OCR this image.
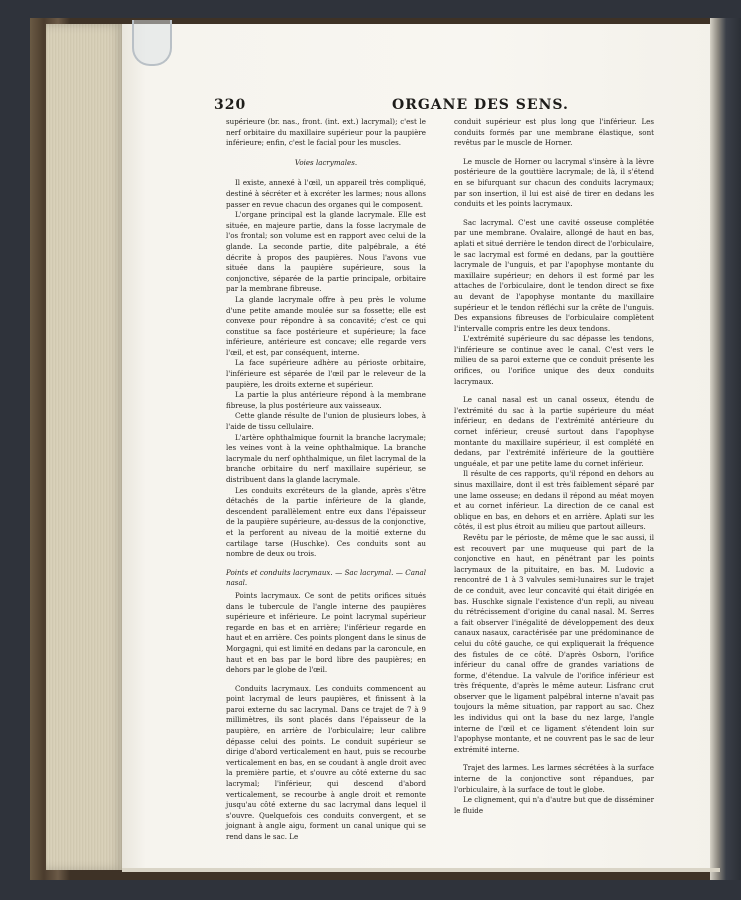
320	ORGANE DES SENS.

supérieure (br. nas., front. (int. ext.) lacrymal); c'est le nerf orbitaire du maxillaire supérieur pour la paupière inférieure; enfin, c'est le facial pour les muscles.

Voies lacrymales.

Il existe, annexé à l'œil, un appareil très compliqué, destiné à sécréter et à excréter les larmes; nous allons passer en revue chacun des organes qui le composent.

L'organe principal est la glande lacrymale. Elle est située, en majeure partie, dans la fosse lacrymale de l'os frontal; son volume est en rapport avec celui de la glande. La seconde partie, dite palpébrale, a été décrite à propos des paupières. Nous l'avons vue située dans la paupière supérieure, sous la conjonctive, séparée de la partie principale, orbitaire par la membrane fibreuse.

La glande lacrymale offre à peu près le volume d'une petite amande moulée sur sa fossette; elle est convexe pour répondre à sa concavité; c'est ce qui constitue sa face postérieure et supérieure; la face inférieure, antérieure est concave; elle regarde vers l'œil, et est, par conséquent, interne.

La face supérieure adhère au périoste orbitaire, l'inférieure est séparée de l'œil par le releveur de la paupière, les droits externe et supérieur.

La partie la plus antérieure répond à la membrane fibreuse, la plus postérieure aux vaisseaux.

Cette glande résulte de l'union de plusieurs lobes, à l'aide de tissu cellulaire.

L'artère ophthalmique fournit la branche lacrymale; les veines vont à la veine ophthalmique. La branche lacrymale du nerf ophthalmique, un filet lacrymal de la branche orbitaire du nerf maxillaire supérieur, se distribuent dans la glande lacrymale.

Les conduits excréteurs de la glande, après s'être détachés de la partie inférieure de la glande, descendent parallèlement entre eux dans l'épaisseur de la paupière supérieure, au-dessus de la conjonctive, et la perforent au niveau de la moitié externe du cartilage tarse (Huschke). Ces conduits sont au nombre de deux ou trois.

Points et conduits lacrymaux. — Sac lacrymal. — Canal nasal.

Points lacrymaux. Ce sont de petits orifices situés dans le tubercule de l'angle interne des paupières supérieure et inférieure. Le point lacrymal supérieur regarde en bas et en arrière; l'inférieur regarde en haut et en arrière. Ces points plongent dans le sinus de Morgagni, qui est limité en dedans par la caroncule, en haut et en bas par le bord libre des paupières; en dehors par le globe de l'œil.

Conduits lacrymaux. Les conduits commencent au point lacrymal de leurs paupières, et finissent à la paroi externe du sac lacrymal. Dans ce trajet de 7 à 9 millimètres, ils sont placés dans l'épaisseur de la paupière, en arrière de l'orbiculaire; leur calibre dépasse celui des points. Le conduit supérieur se dirige d'abord verticalement en haut, puis se recourbe verticalement en bas, en se coudant à angle droit avec la première partie, et s'ouvre au côté externe du sac lacrymal; l'inférieur, qui descend d'abord verticalement, se recourbe à angle droit et remonte jusqu'au côté externe du sac lacrymal dans lequel il s'ouvre. Quelquefois ces conduits convergent, et se joignant à angle aigu, forment un canal unique qui se rend dans le sac. Le

conduit supérieur est plus long que l'inférieur. Les conduits formés par une membrane élastique, sont revêtus par le muscle de Horner.

Le muscle de Horner ou lacrymal s'insère à la lèvre postérieure de la gouttière lacrymale; de là, il s'étend en se bifurquant sur chacun des conduits lacrymaux; par son insertion, il lui est aisé de tirer en dedans les conduits et les points lacrymaux.

Sac lacrymal. C'est une cavité osseuse complétée par une membrane. Ovalaire, allongé de haut en bas, aplati et situé derrière le tendon direct de l'orbiculaire, le sac lacrymal est formé en dedans, par la gouttière lacrymale de l'unguis, et par l'apophyse montante du maxillaire supérieur; en dehors il est formé par les attaches de l'orbiculaire, dont le tendon direct se fixe au devant de l'apophyse montante du maxillaire supérieur et le tendon réfléchi sur la crête de l'unguis. Des expansions fibreuses de l'orbiculaire complètent l'intervalle compris entre les deux tendons.

L'extrémité supérieure du sac dépasse les tendons, l'inférieure se continue avec le canal. C'est vers le milieu de sa paroi externe que ce conduit présente les orifices, ou l'orifice unique des deux conduits lacrymaux.

Le canal nasal est un canal osseux, étendu de l'extrémité du sac à la partie supérieure du méat inférieur, en dedans de l'extrémité antérieure du cornet inférieur, creusé surtout dans l'apophyse montante du maxillaire supérieur, il est complété en dedans, par l'extrémité inférieure de la gouttière unguéale, et par une petite lame du cornet inférieur.

Il résulte de ces rapports, qu'il répond en dehors au sinus maxillaire, dont il est très faiblement séparé par une lame osseuse; en dedans il répond au méat moyen et au cornet inférieur. La direction de ce canal est oblique en bas, en dehors et en arrière. Aplati sur les côtés, il est plus étroit au milieu que partout ailleurs.

Revêtu par le périoste, de même que le sac aussi, il est recouvert par une muqueuse qui part de la conjonctive en haut, en pénétrant par les points lacrymaux de la pituitaire, en bas. M. Ludovic a rencontré de 1 à 3 valvules semi-lunaires sur le trajet de ce conduit, avec leur concavité qui était dirigée en bas. Huschke signale l'existence d'un repli, au niveau du rétrécissement d'origine du canal nasal. M. Serres a fait observer l'inégalité de développement des deux canaux nasaux, caractérisée par une prédominance de celui du côté gauche, ce qui expliquerait la fréquence des fistules de ce côté. D'après Osborn, l'orifice inférieur du canal offre de grandes variations de forme, d'étendue. La valvule de l'orifice inférieur est très fréquente, d'après le même auteur. Lisfranc crut observer que le ligament palpébral interne n'avait pas toujours la même situation, par rapport au sac. Chez les individus qui ont la base du nez large, l'angle interne de l'œil et ce ligament s'étendent loin sur l'apophyse montante, et ne couvrent pas le sac de leur extrémité interne.

Trajet des larmes. Les larmes sécrétées à la surface interne de la conjonctive sont répandues, par l'orbiculaire, à la surface de tout le globe.

Le clignement, qui n'a d'autre but que de disséminer le fluide
